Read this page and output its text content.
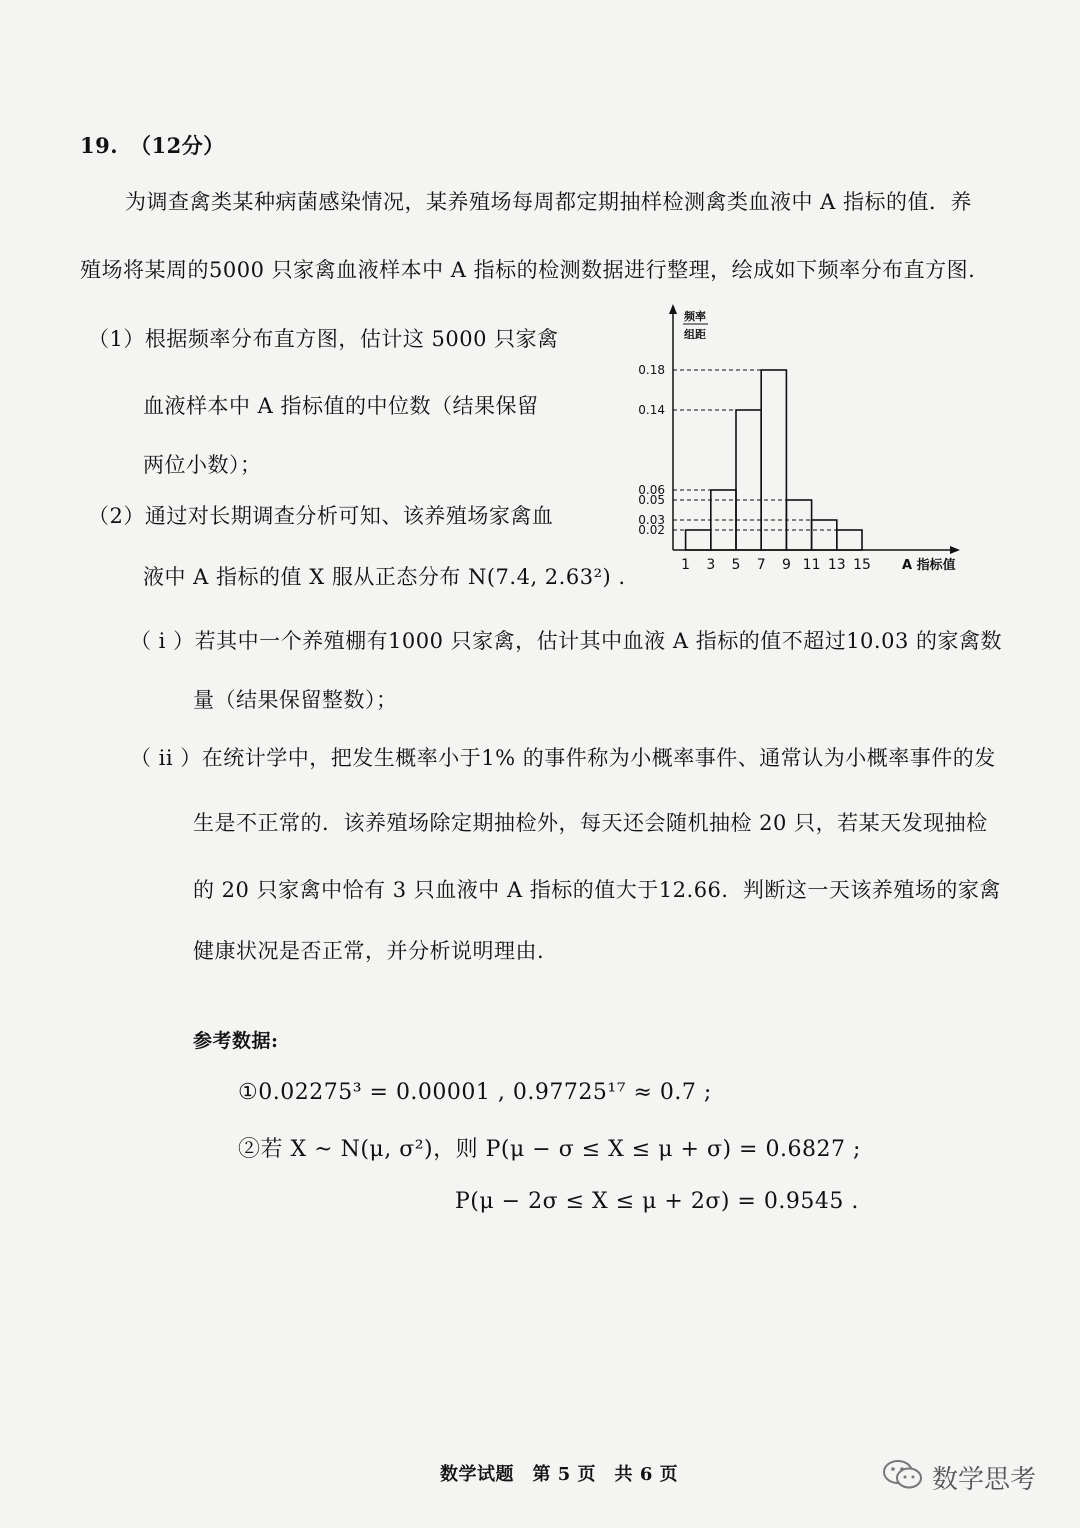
19. （12分）
为调查禽类某种病菌感染情况，某养殖场每周都定期抽样检测禽类血液中 A 指标的值．养
殖场将某周的5000 只家禽血液样本中 A 指标的检测数据进行整理，绘成如下频率分布直方图.
（1）根据频率分布直方图，估计这 5000 只家禽
血液样本中 A 指标值的中位数（结果保留
两位小数）；
（2）通过对长期调查分析可知、该养殖场家禽血
液中 A 指标的值 X 服从正态分布 N(7.4, 2.63²) .
频率
组距
1 3 5 7 9 11 13 15
0.18
0.14
0.06
0.05
0.03
0.02
A 指标值
（ i ）若其中一个养殖棚有1000 只家禽，估计其中血液 A 指标的值不超过10.03 的家禽数
量（结果保留整数）；
（ ii ）在统计学中，把发生概率小于1% 的事件称为小概率事件、通常认为小概率事件的发
生是不正常的．该养殖场除定期抽检外，每天还会随机抽检 20 只，若某天发现抽检
的 20 只家禽中恰有 3 只血液中 A 指标的值大于12.66．判断这一天该养殖场的家禽
健康状况是否正常，并分析说明理由.
参考数据:
①0.02275³ = 0.00001 , 0.97725¹⁷ ≈ 0.7 ;
②若 X ~ N(μ, σ²)，则 P(μ − σ ≤ X ≤ μ + σ) = 0.6827 ;
P(μ − 2σ ≤ X ≤ μ + 2σ) = 0.9545 .
数学试题　第 5 页　共 6 页	数学思考
